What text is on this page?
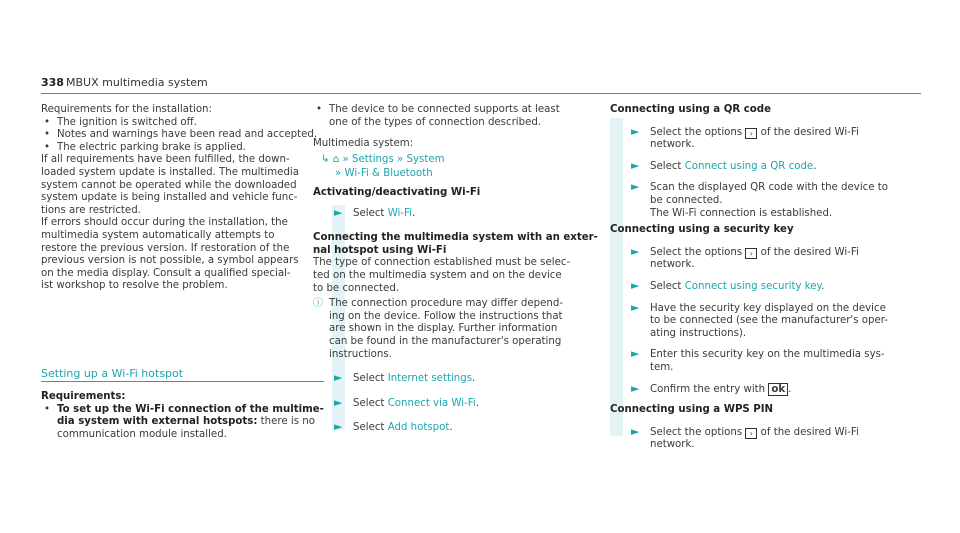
338 MBUX multimedia system
Requirements for the installation:
• The ignition is switched off.
• Notes and warnings have been read and accepted.
• The electric parking brake is applied.
If all requirements have been fulfilled, the down-
loaded system update is installed. The multimedia
system cannot be operated while the downloaded
system update is being installed and vehicle func-
tions are restricted.
If errors should occur during the installation, the
multimedia system automatically attempts to
restore the previous version. If restoration of the
previous version is not possible, a symbol appears
on the media display. Consult a qualified special-
ist workshop to resolve the problem.
Setting up a Wi-Fi hotspot
Requirements:
• To set up the Wi-Fi connection of the multime-
dia system with external hotspots: there is no
communication module installed.
• The device to be connected supports at least
one of the types of connection described.
Multimedia system:
↳ ⌂ » Settings » System
» Wi-Fi & Bluetooth
Activating/deactivating Wi-Fi
► Select Wi-Fi.
Connecting the multimedia system with an exter-
nal hotspot using Wi-Fi
The type of connection established must be selec-
ted on the multimedia system and on the device
to be connected.
ⓘ The connection procedure may differ depend-
ing on the device. Follow the instructions that
are shown in the display. Further information
can be found in the manufacturer's operating
instructions.
► Select Internet settings.
► Select Connect via Wi-Fi.
► Select Add hotspot.
Connecting using a QR code
► Select the options › of the desired Wi-Fi
network.
► Select Connect using a QR code.
► Scan the displayed QR code with the device to
be connected.
The Wi-Fi connection is established.
Connecting using a security key
► Select the options › of the desired Wi-Fi
network.
► Select Connect using security key.
► Have the security key displayed on the device
to be connected (see the manufacturer's oper-
ating instructions).
► Enter this security key on the multimedia sys-
tem.
► Confirm the entry with ok .
Connecting using a WPS PIN
► Select the options › of the desired Wi-Fi
network.
